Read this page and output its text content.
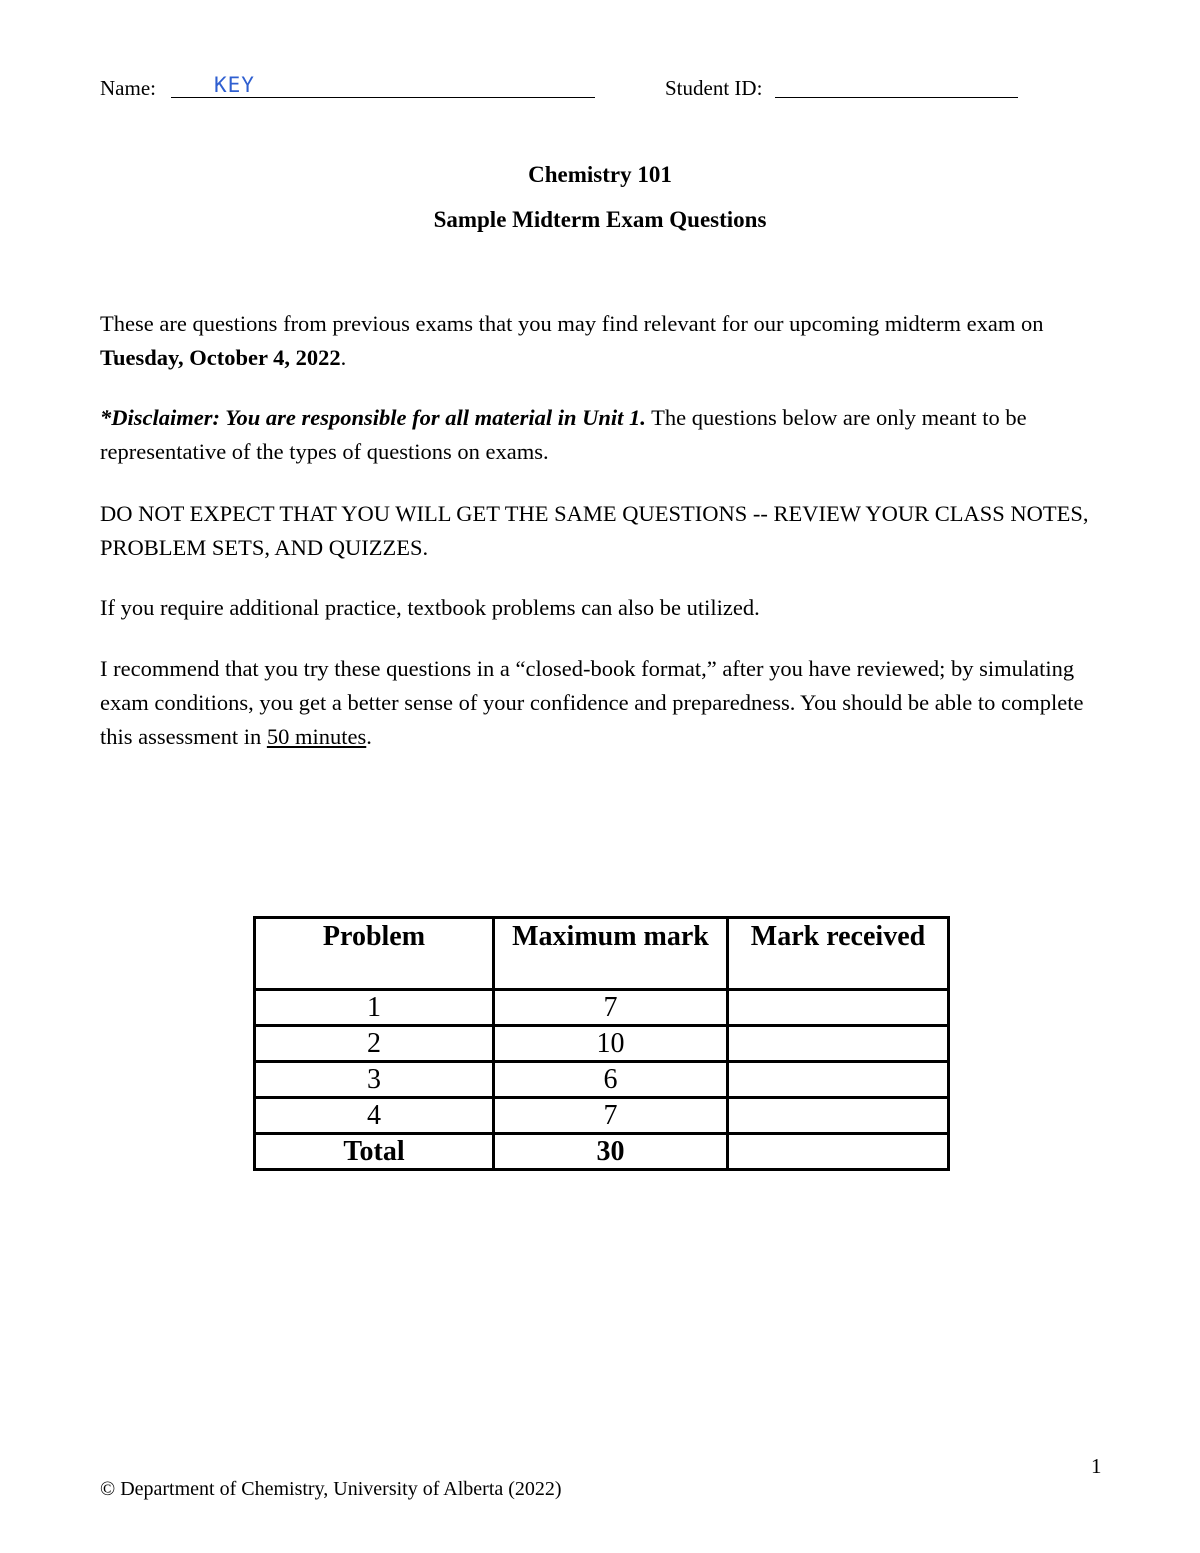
Name:	KEY	Student ID:
Chemistry 101
Sample Midterm Exam Questions
These are questions from previous exams that you may find relevant for our upcoming midterm exam on Tuesday, October 4, 2022.
*Disclaimer: You are responsible for all material in Unit 1. The questions below are only meant to be representative of the types of questions on exams.
DO NOT EXPECT THAT YOU WILL GET THE SAME QUESTIONS -- REVIEW YOUR CLASS NOTES, PROBLEM SETS, AND QUIZZES.
If you require additional practice, textbook problems can also be utilized.
I recommend that you try these questions in a “closed-book format,” after you have reviewed; by simulating exam conditions, you get a better sense of your confidence and preparedness. You should be able to complete this assessment in 50 minutes.
Problem	Maximum mark	Mark received
1	7	
2	10	
3	6	
4	7	
Total	30	
1
© Department of Chemistry, University of Alberta (2022)
